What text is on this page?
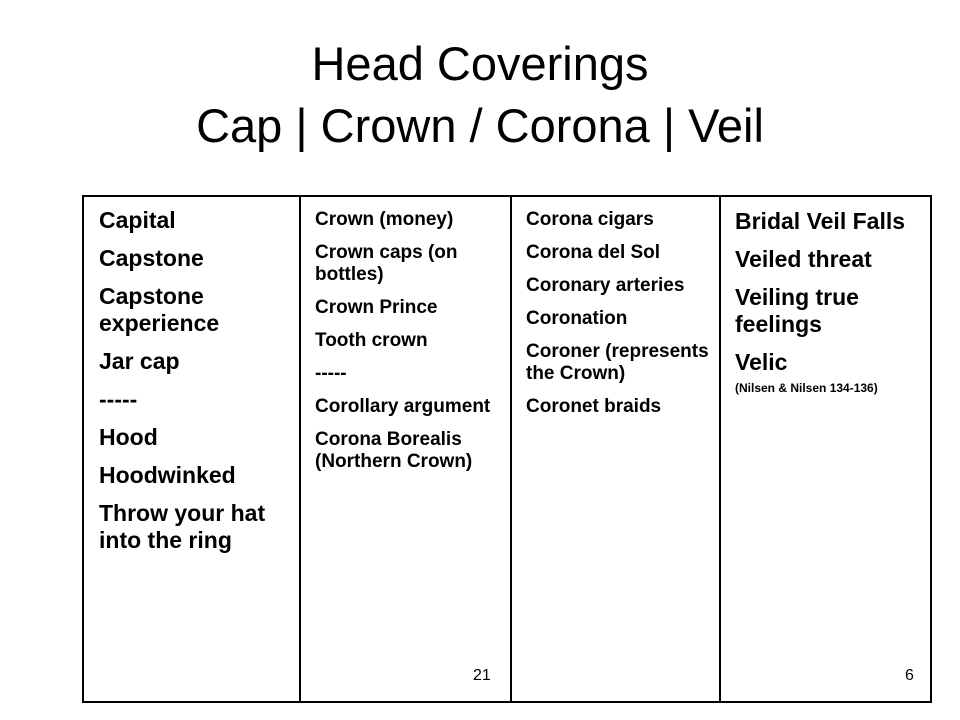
Head Coverings
Cap | Crown / Corona | Veil
Capital
Capstone
Capstone experience
Jar cap
-----
Hood
Hoodwinked
Throw your hat into the ring
Crown (money)
Crown caps (on bottles)
Crown Prince
Tooth crown
-----
Corollary argument
Corona Borealis (Northern Crown)
21
Corona cigars
Corona del Sol
Coronary arteries
Coronation
Coroner (represents the Crown)
Coronet braids
Bridal Veil Falls
Veiled threat
Veiling true feelings
Velic
(Nilsen & Nilsen 134-136)
6
